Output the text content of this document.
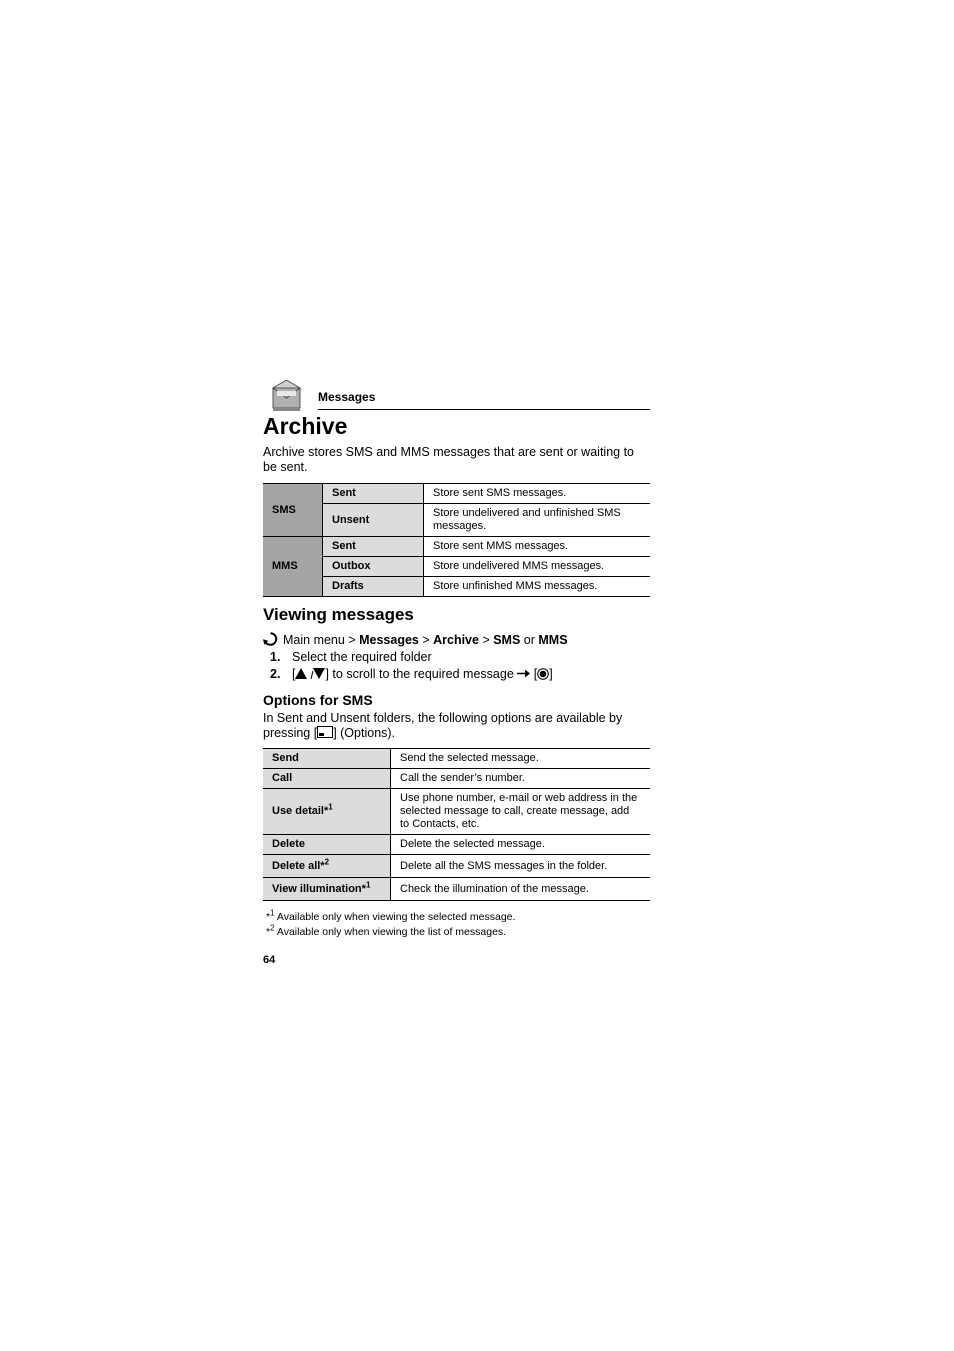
Messages
Archive
Archive stores SMS and MMS messages that are sent or waiting to be sent.
SMS	Sent	Store sent SMS messages.
	Unsent	Store undelivered and unfinished SMS messages.
MMS	Sent	Store sent MMS messages.
	Outbox	Store undelivered MMS messages.
	Drafts	Store unfinished MMS messages.
Viewing messages
Main menu > Messages > Archive > SMS or MMS
1. Select the required folder
2. [ ] to scroll to the required message  [ ]
Options for SMS
In Sent and Unsent folders, the following options are available by pressing [ ] (Options).
Send	Send the selected message.
Call	Call the sender’s number.
Use detail*$^1$	Use phone number, e-mail or web address in the selected message to call, create message, add to Contacts, etc.
Delete	Delete the selected message.
Delete all*$^2$	Delete all the SMS messages in the folder.
View illumination*$^1$	Check the illumination of the message.
*$^1$ Available only when viewing the selected message.
*$^2$ Available only when viewing the list of messages.
64
